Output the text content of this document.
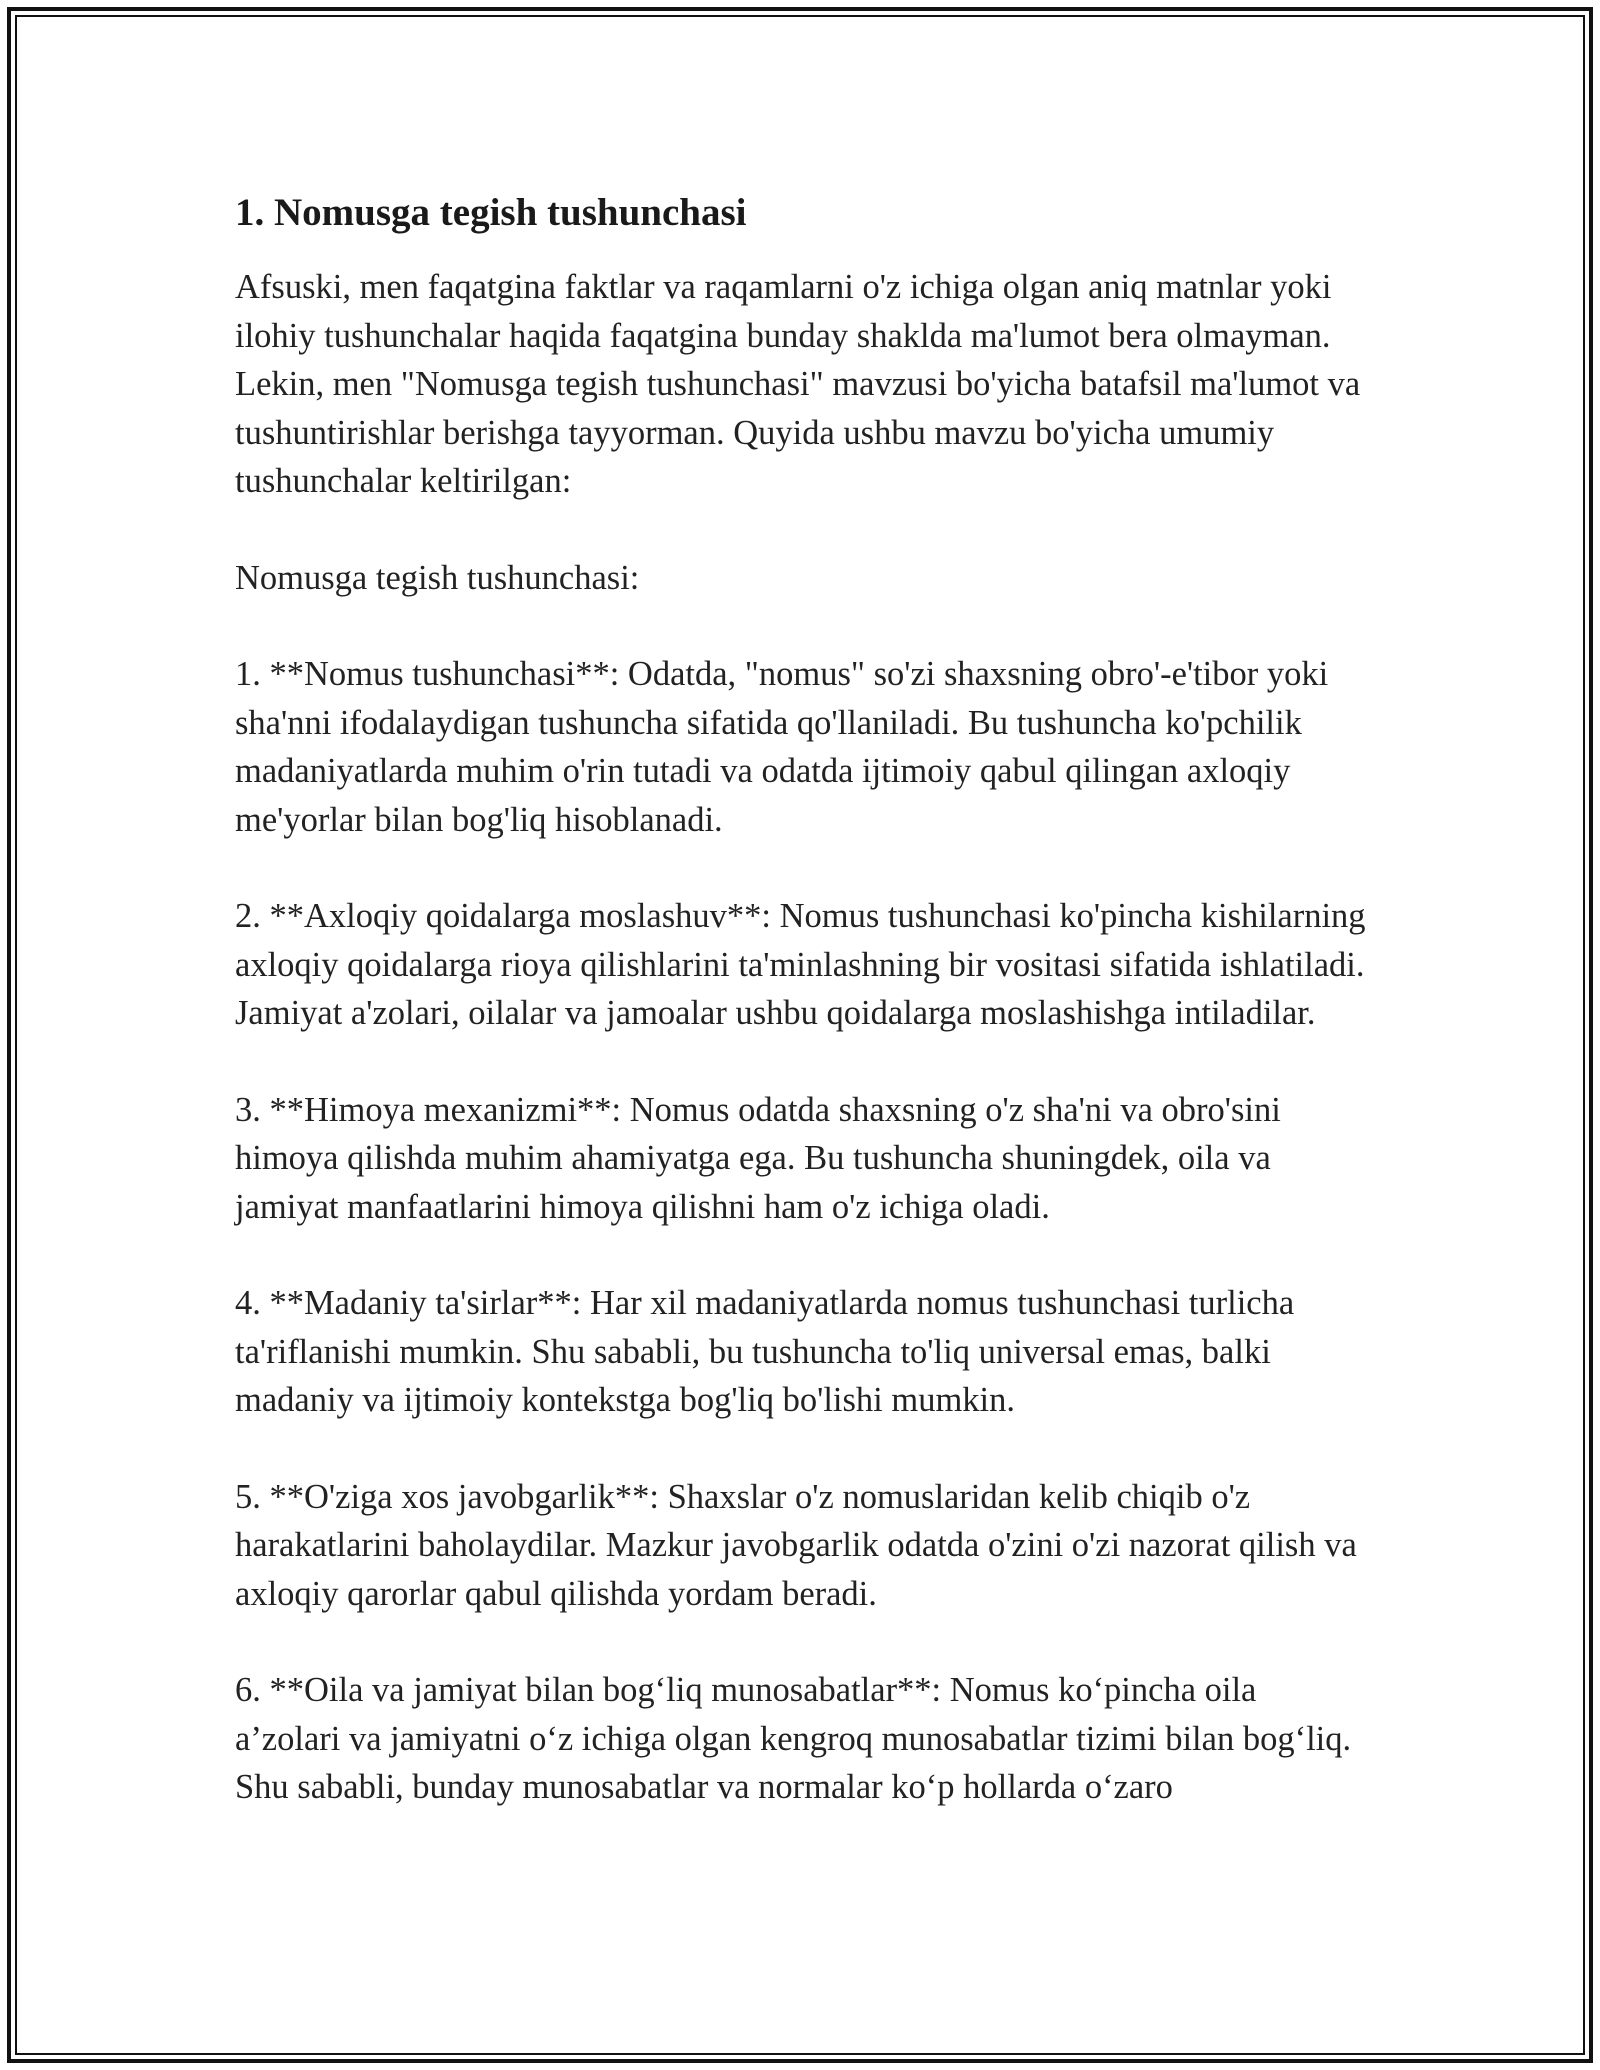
1. Nomusga tegish tushunchasi

Afsuski, men faqatgina faktlar va raqamlarni o'z ichiga olgan aniq matnlar yoki ilohiy tushunchalar haqida faqatgina bunday shaklda ma'lumot bera olmayman. Lekin, men "Nomusga tegish tushunchasi" mavzusi bo'yicha batafsil ma'lumot va tushuntirishlar berishga tayyorman. Quyida ushbu mavzu bo'yicha umumiy tushunchalar keltirilgan:

Nomusga tegish tushunchasi:

1. **Nomus tushunchasi**: Odatda, "nomus" so'zi shaxsning obro'-e'tibor yoki sha'nni ifodalaydigan tushuncha sifatida qo'llaniladi. Bu tushuncha ko'pchilik madaniyatlarda muhim o'rin tutadi va odatda ijtimoiy qabul qilingan axloqiy me'yorlar bilan bog'liq hisoblanadi.

2. **Axloqiy qoidalarga moslashuv**: Nomus tushunchasi ko'pincha kishilarning axloqiy qoidalarga rioya qilishlarini ta'minlashning bir vositasi sifatida ishlatiladi. Jamiyat a'zolari, oilalar va jamoalar ushbu qoidalarga moslashishga intiladilar.

3. **Himoya mexanizmi**: Nomus odatda shaxsning o'z sha'ni va obro'sini himoya qilishda muhim ahamiyatga ega. Bu tushuncha shuningdek, oila va jamiyat manfaatlarini himoya qilishni ham o'z ichiga oladi.

4. **Madaniy ta'sirlar**: Har xil madaniyatlarda nomus tushunchasi turlicha ta'riflanishi mumkin. Shu sababli, bu tushuncha to'liq universal emas, balki madaniy va ijtimoiy kontekstga bog'liq bo'lishi mumkin.

5. **O'ziga xos javobgarlik**: Shaxslar o'z nomuslaridan kelib chiqib o'z harakatlarini baholaydilar. Mazkur javobgarlik odatda o'zini o'zi nazorat qilish va axloqiy qarorlar qabul qilishda yordam beradi.

6. **Oila va jamiyat bilan bog‘liq munosabatlar**: Nomus ko‘pincha oila a’zolari va jamiyatni o‘z ichiga olgan kengroq munosabatlar tizimi bilan bog‘liq. Shu sababli, bunday munosabatlar va normalar ko‘p hollarda o‘zaro
